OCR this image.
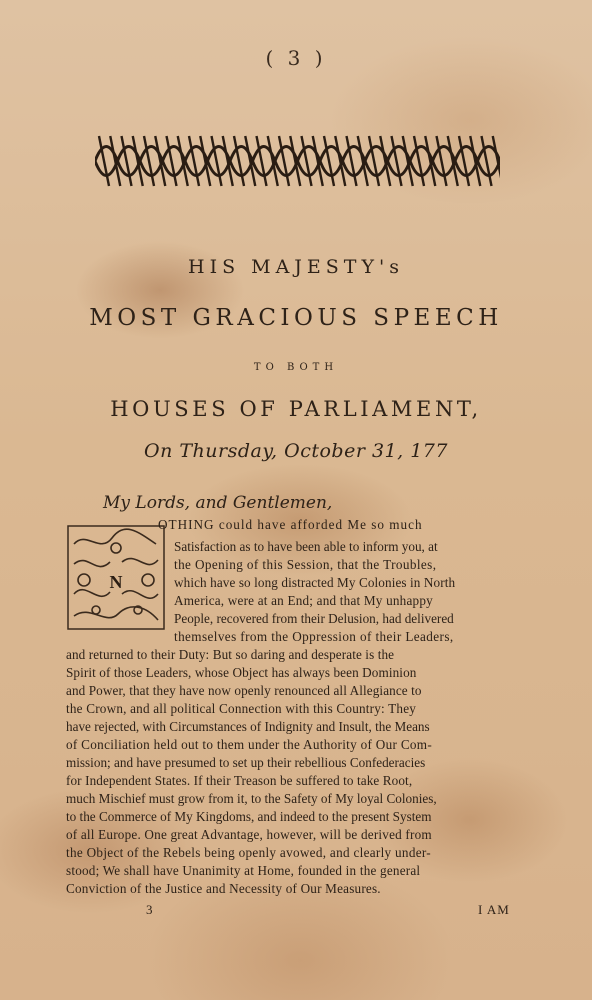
( 3 )
HIS MAJESTY's
MOST GRACIOUS SPEECH
TO BOTH
HOUSES OF PARLIAMENT,
On Thursday, October 31, 177
My Lords, and Gentlemen,
N
OTHING could have afforded Me so much
Satisfaction as to have been able to inform you, at
the Opening of this Session, that the Troubles,
which have so long distracted My Colonies in North
America, were at an End; and that My unhappy
People, recovered from their Delusion, had delivered
themselves from the Oppression of their Leaders,
and returned to their Duty: But so daring and desperate is the
Spirit of those Leaders, whose Object has always been Dominion
and Power, that they have now openly renounced all Allegiance to
the Crown, and all political Connection with this Country: They
have rejected, with Circumstances of Indignity and Insult, the Means
of Conciliation held out to them under the Authority of Our Com-
mission; and have presumed to set up their rebellious Confederacies
for Independent States. If their Treason be suffered to take Root,
much Mischief must grow from it, to the Safety of My loyal Colonies,
to the Commerce of My Kingdoms, and indeed to the present System
of all Europe. One great Advantage, however, will be derived from
the Object of the Rebels being openly avowed, and clearly under-
stood; We shall have Unanimity at Home, founded in the general
Conviction of the Justice and Necessity of Our Measures.
3	I AM
